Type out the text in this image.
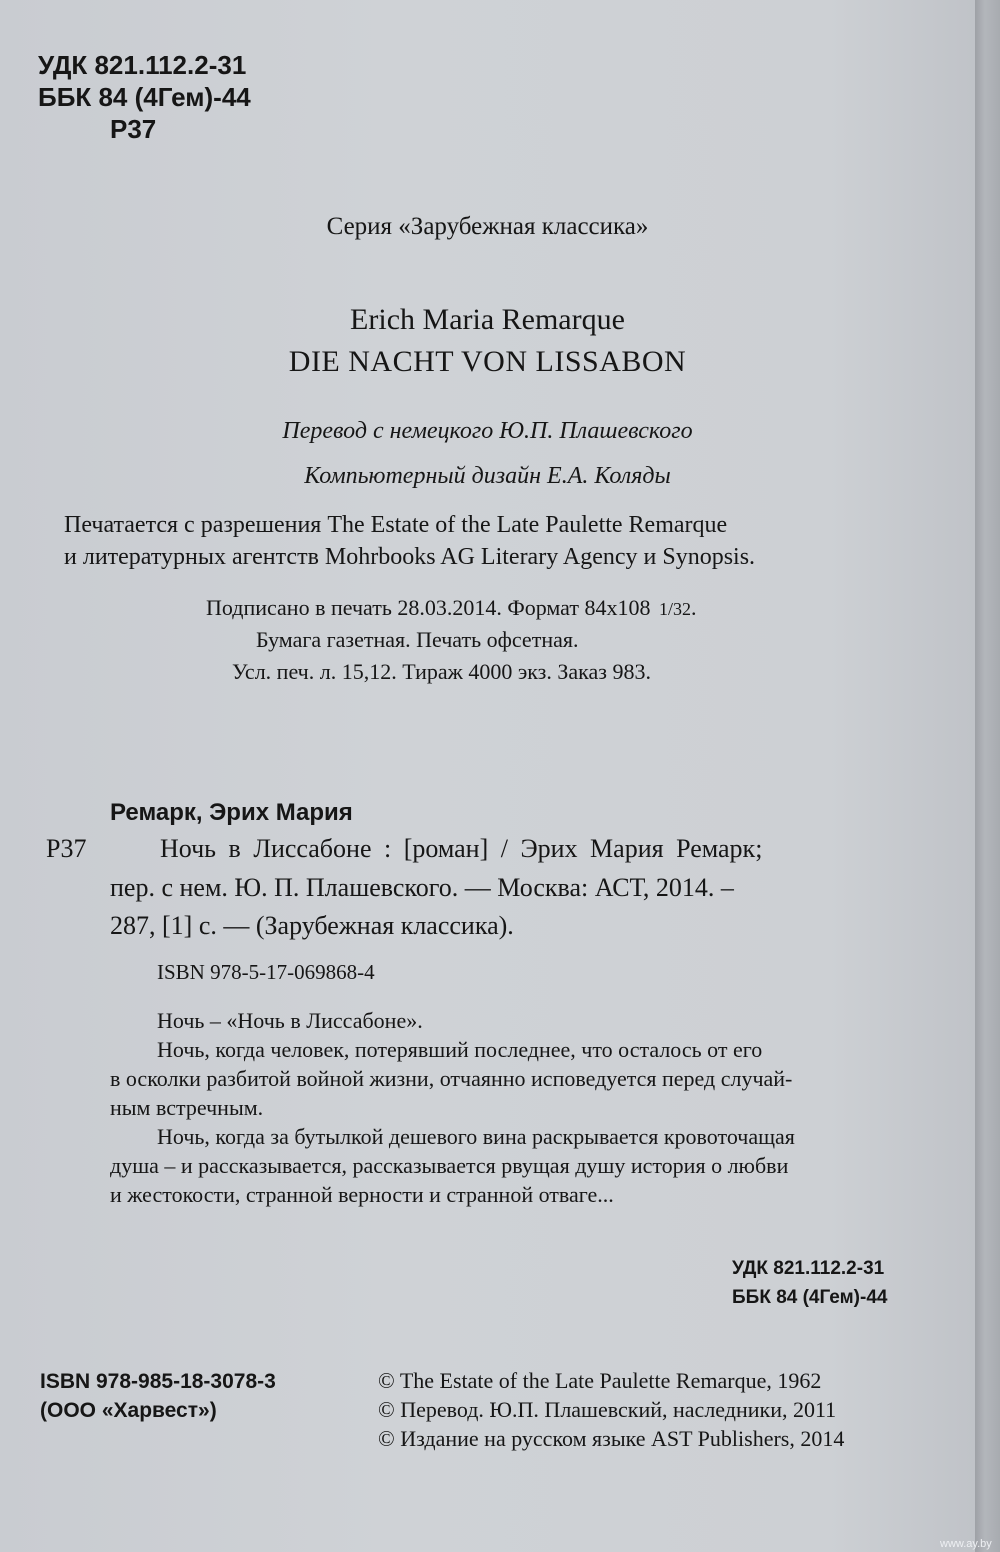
УДК 821.112.2-31
ББК 84 (4Гем)-44
Р37
Серия «Зарубежная классика»
Erich Maria Remarque
DIE NACHT VON LISSABON
Перевод с немецкого Ю.П. Плашевского
Компьютерный дизайн Е.А. Коляды
Печатается с разрешения The Estate of the Late Paulette Remarque
и литературных агентств Mohrbooks AG Literary Agency и Synopsis.
Подписано в печать 28.03.2014. Формат 84x108 1/32.
Бумага газетная. Печать офсетная.
Усл. печ. л. 15,12. Тираж 4000 экз. Заказ 983.
Ремарк, Эрих Мария
Р37	Ночь в Лиссабоне : [роман] / Эрих Мария Ремарк;
пер. с нем. Ю. П. Плашевского. — Москва: АСТ, 2014. –
287, [1] с. — (Зарубежная классика).
ISBN 978-5-17-069868-4
Ночь – «Ночь в Лиссабоне».
Ночь, когда человек, потерявший последнее, что осталось от его
в осколки разбитой войной жизни, отчаянно исповедуется перед случай-
ным встречным.
Ночь, когда за бутылкой дешевого вина раскрывается кровоточащая
душа – и рассказывается, рассказывается рвущая душу история о любви
и жестокости, странной верности и странной отваге...
УДК 821.112.2-31
ББК 84 (4Гем)-44
ISBN 978-985-18-3078-3
(ООО «Харвест»)
© The Estate of the Late Paulette Remarque, 1962
© Перевод. Ю.П. Плашевский, наследники, 2011
© Издание на русском языке AST Publishers, 2014
www.ay.by
